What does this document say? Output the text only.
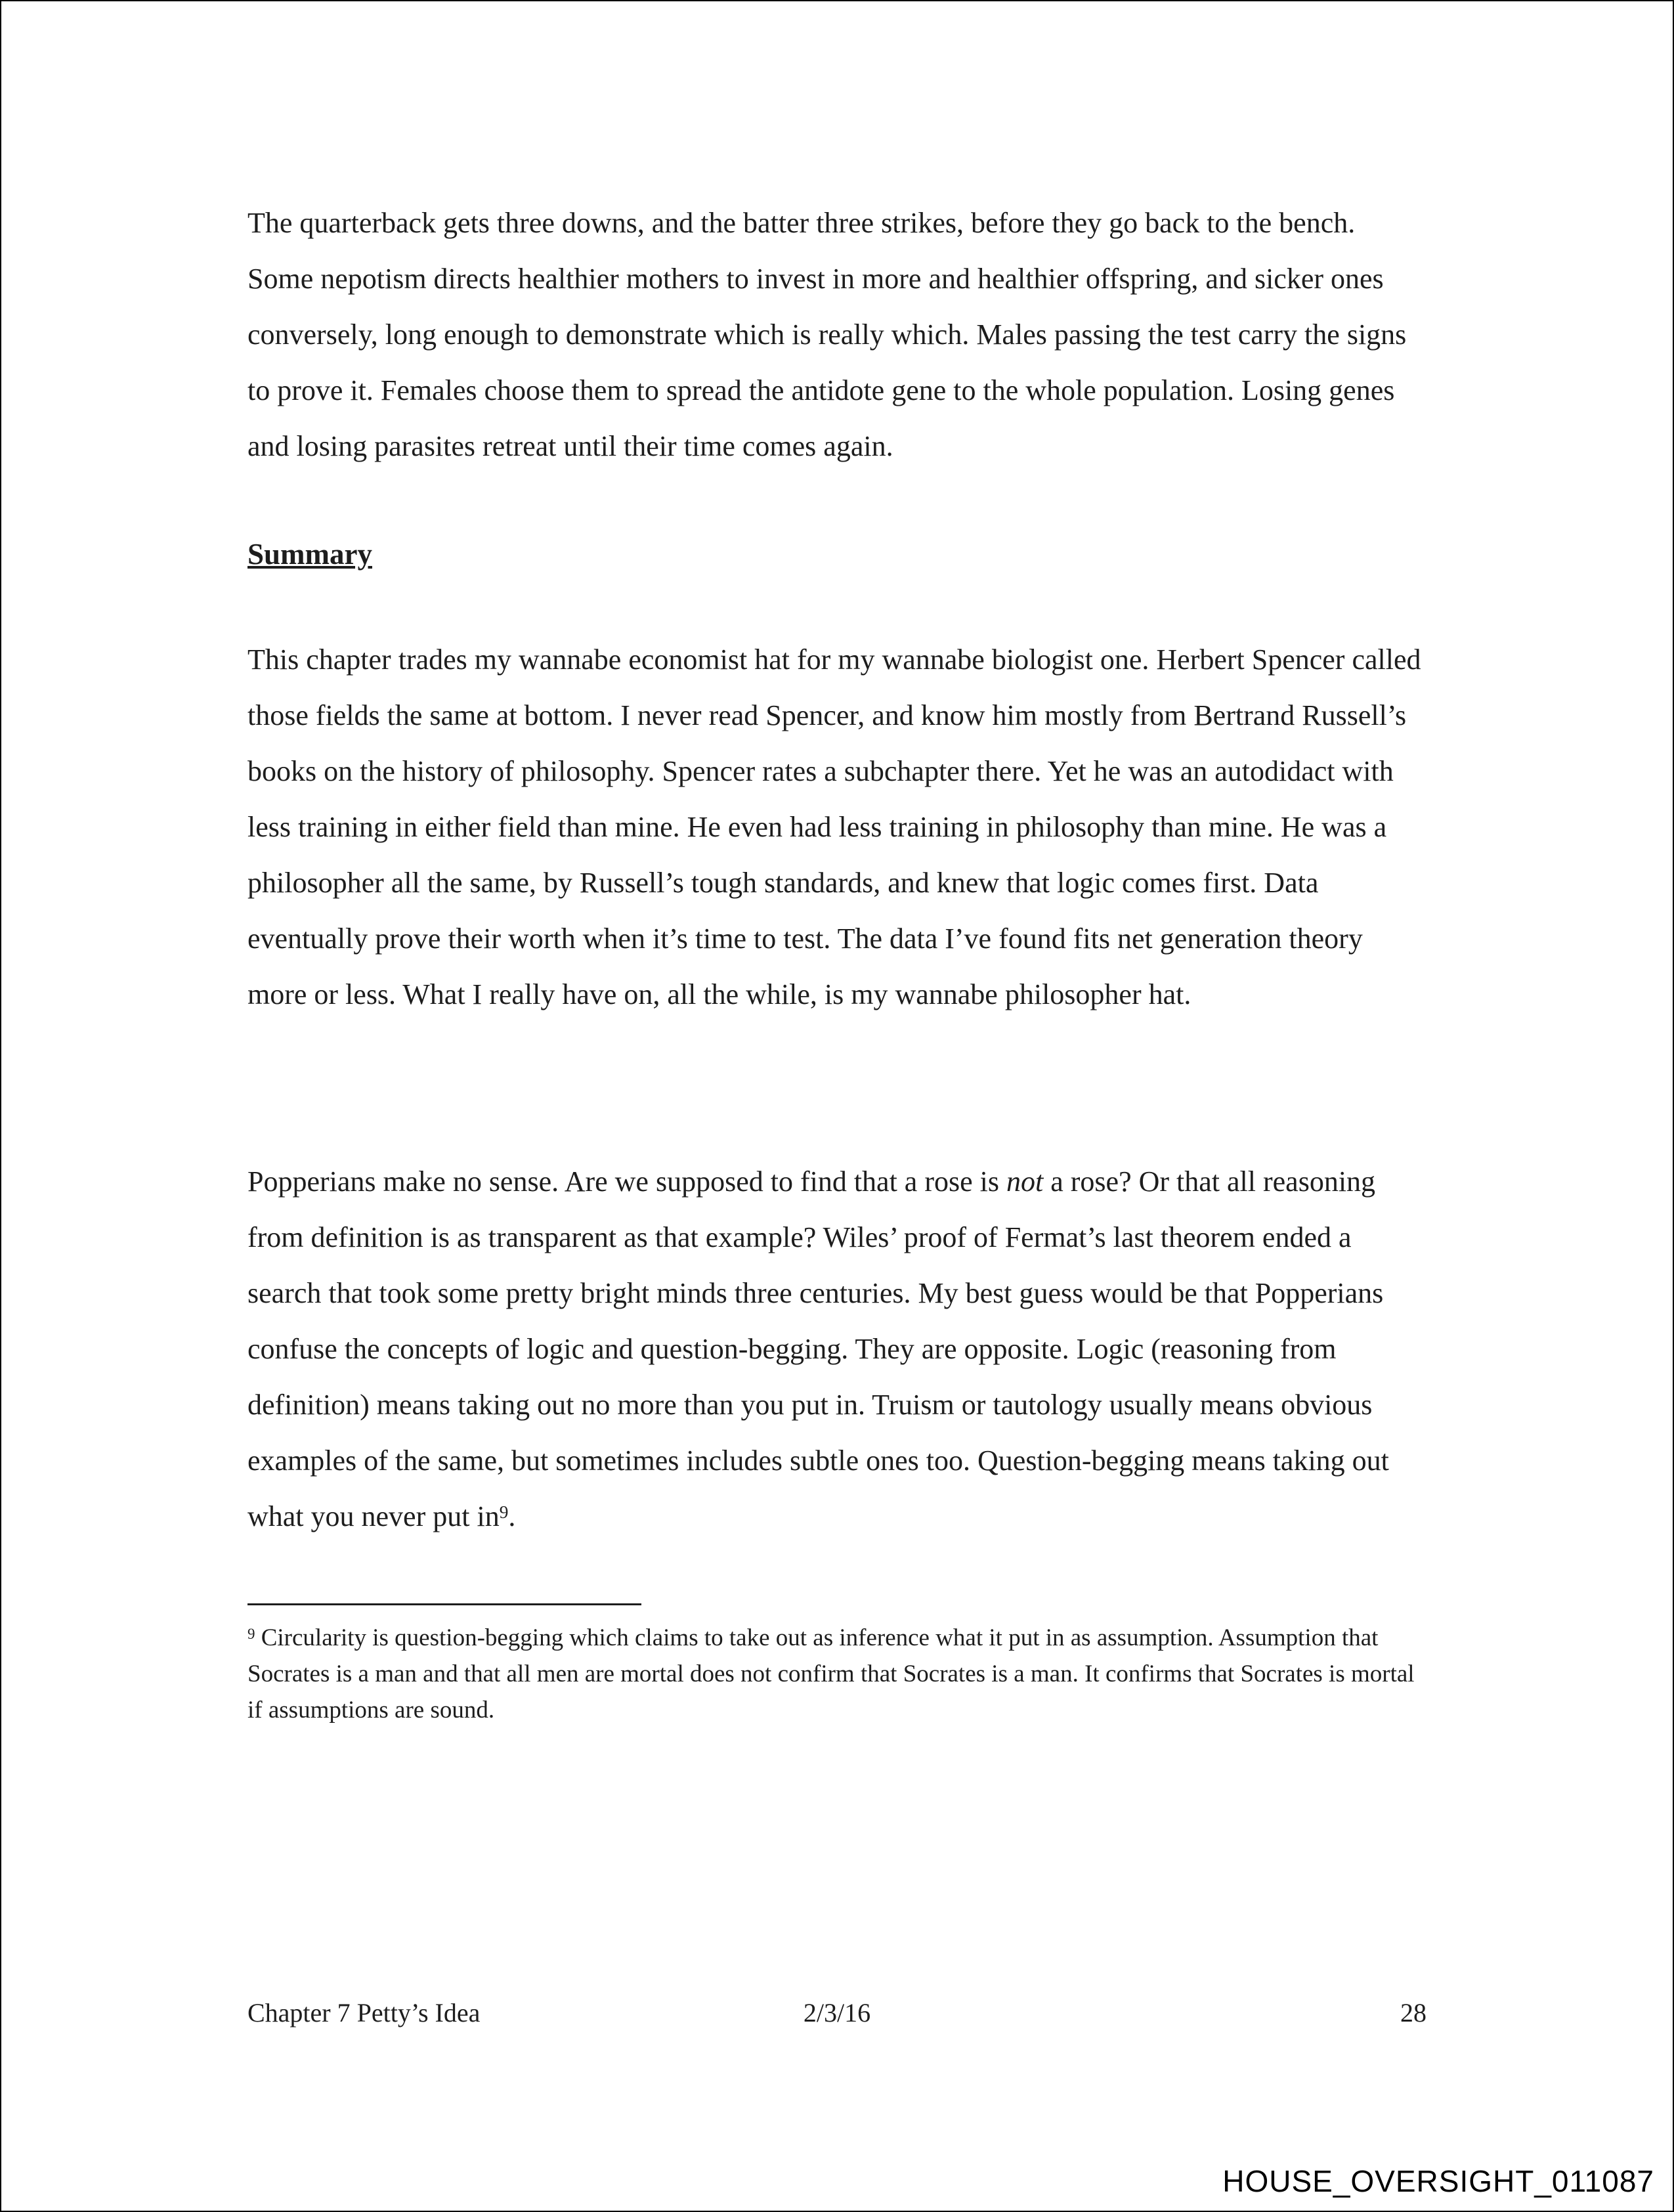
The quarterback gets three downs, and the batter three strikes, before they go back to the bench. Some nepotism directs healthier mothers to invest in more and healthier offspring, and sicker ones conversely, long enough to demonstrate which is really which. Males passing the test carry the signs to prove it. Females choose them to spread the antidote gene to the whole population. Losing genes and losing parasites retreat until their time comes again.

Summary

This chapter trades my wannabe economist hat for my wannabe biologist one. Herbert Spencer called those fields the same at bottom. I never read Spencer, and know him mostly from Bertrand Russell’s books on the history of philosophy. Spencer rates a subchapter there. Yet he was an autodidact with less training in either field than mine. He even had less training in philosophy than mine. He was a philosopher all the same, by Russell’s tough standards, and knew that logic comes first. Data eventually prove their worth when it’s time to test. The data I’ve found fits net generation theory more or less. What I really have on, all the while, is my wannabe philosopher hat.

Popperians make no sense. Are we supposed to find that a rose is not a rose? Or that all reasoning from definition is as transparent as that example? Wiles’ proof of Fermat’s last theorem ended a search that took some pretty bright minds three centuries. My best guess would be that Popperians confuse the concepts of logic and question-begging. They are opposite. Logic (reasoning from definition) means taking out no more than you put in. Truism or tautology usually means obvious examples of the same, but sometimes includes subtle ones too. Question-begging means taking out what you never put in$^9$.

$^9$ Circularity is question-begging which claims to take out as inference what it put in as assumption. Assumption that Socrates is a man and that all men are mortal does not confirm that Socrates is a man. It confirms that Socrates is mortal if assumptions are sound.

Chapter 7 Petty’s Idea	2/3/16	28
HOUSE_OVERSIGHT_011087
